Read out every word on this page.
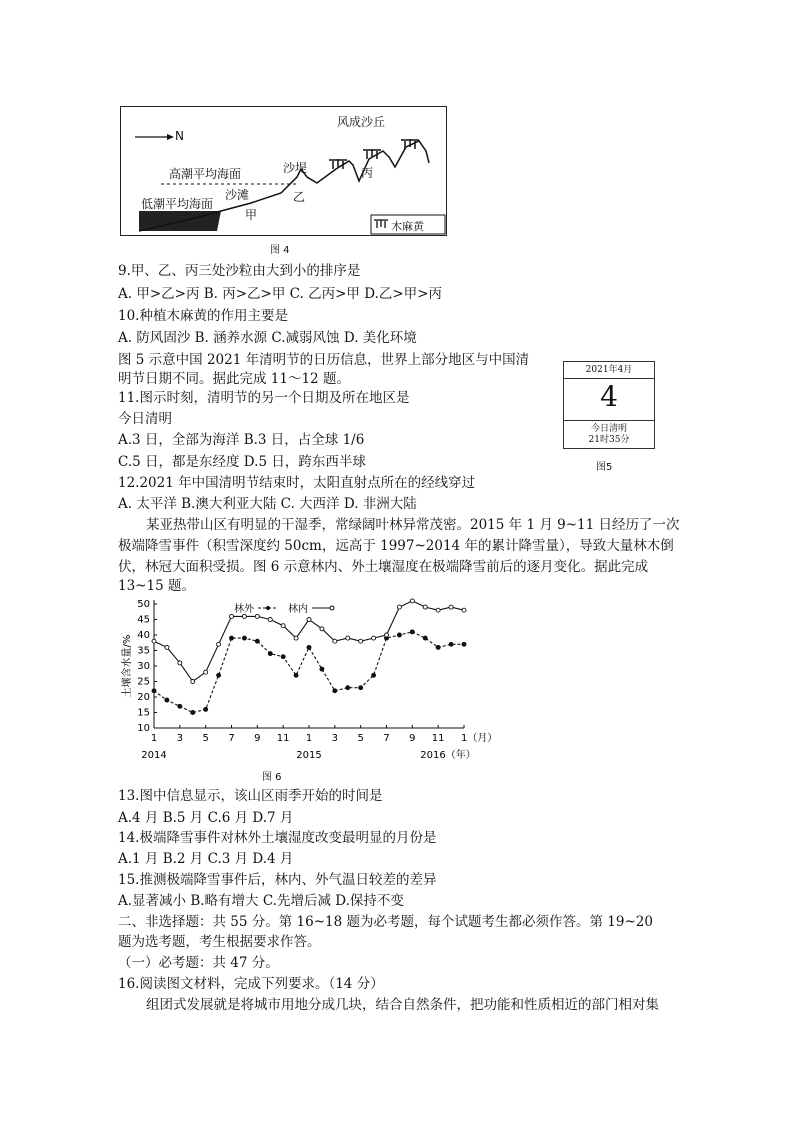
N
风成沙丘
高潮平均海面
低潮平均海面
沙滩
沙堤
甲
乙
丙
木麻黄
图 4
9.甲、乙、丙三处沙粒由大到小的排序是
A. 甲>乙>丙 B. 丙>乙>甲 C. 乙丙>甲 D.乙>甲>丙
10.种植木麻黄的作用主要是
A. 防风固沙 B. 涵养水源 C.减弱风蚀 D. 美化环境
图 5 示意中国 2021 年清明节的日历信息，世界上部分地区与中国清
明节日期不同。据此完成 11～12 题。
2021年4月
4
今日清明
21时35分
图5
11.图示时刻，清明节的另一个日期及所在地区是
今日清明
A.3 日，全部为海洋 B.3 日，占全球 1/6
C.5 日，都是东经度 D.5 日，跨东西半球
12.2021 年中国清明节结束时，太阳直射点所在的经线穿过
A. 太平洋 B.澳大利亚大陆 C. 大西洋 D. 非洲大陆
某亚热带山区有明显的干湿季，常绿阔叶林异常茂密。2015 年 1 月 9~11 日经历了一次
极端降雪事件（积雪深度约 50cm，远高于 1997~2014 年的累计降雪量），导致大量林木倒
伏，林冠大面积受损。图 6 示意林内、外土壤湿度在极端降雪前后的逐月变化。据此完成
13~15 题。
10
15
20
25
30
35
40
45
50
土壤含水量/%
1 3 5 7 9 11 1 3 5 7 9 11 1（月）
2014	2015	2016（年）
林外	林内
图 6
13.图中信息显示，该山区雨季开始的时间是
A.4 月 B.5 月 C.6 月 D.7 月
14.极端降雪事件对林外土壤湿度改变最明显的月份是
A.1 月 B.2 月 C.3 月 D.4 月
15.推测极端降雪事件后，林内、外气温日较差的差异
A.显著减小 B.略有增大 C.先增后减 D.保持不变
二、非选择题：共 55 分。第 16~18 题为必考题，每个试题考生都必须作答。第 19~20
题为选考题，考生根据要求作答。
（一）必考题：共 47 分。
16.阅读图文材料，完成下列要求。（14 分）
组团式发展就是将城市用地分成几块，结合自然条件，把功能和性质相近的部门相对集
